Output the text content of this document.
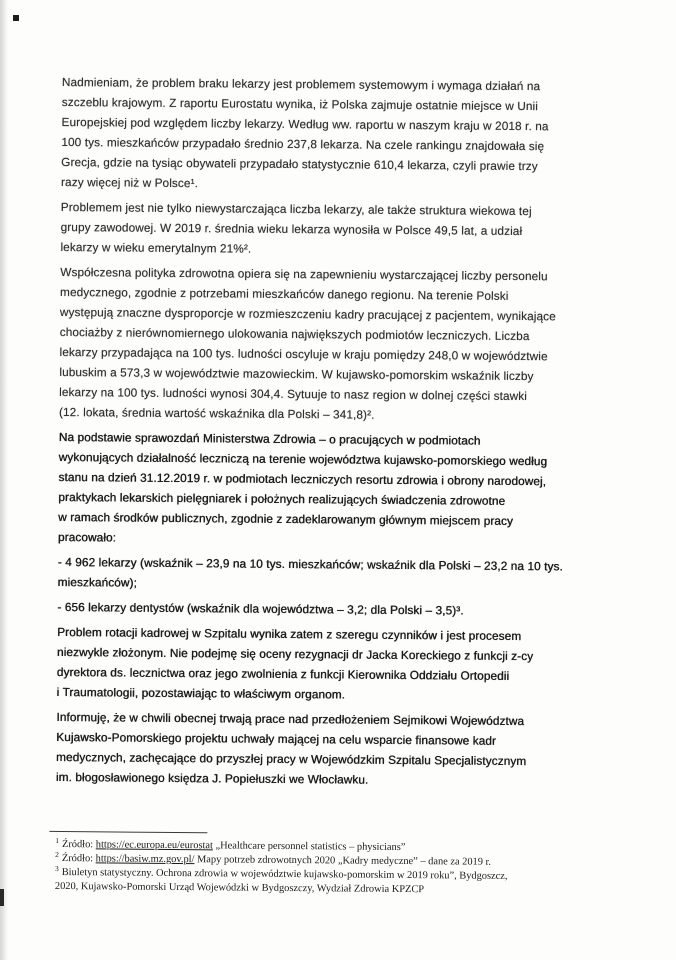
Nadmieniam, że problem braku lekarzy jest problemem systemowym i wymaga działań na
szczeblu krajowym. Z raportu Eurostatu wynika, iż Polska zajmuje ostatnie miejsce w Unii
Europejskiej pod względem liczby lekarzy. Według ww. raportu w naszym kraju w 2018 r. na
100 tys. mieszkańców przypadało średnio 237,8 lekarza. Na czele rankingu znajdowała się
Grecja, gdzie na tysiąc obywateli przypadało statystycznie 610,4 lekarza, czyli prawie trzy
razy więcej niż w Polsce¹.

Problemem jest nie tylko niewystarczająca liczba lekarzy, ale także struktura wiekowa tej
grupy zawodowej. W 2019 r. średnia wieku lekarza wynosiła w Polsce 49,5 lat, a udział
lekarzy w wieku emerytalnym 21%².

Współczesna polityka zdrowotna opiera się na zapewnieniu wystarczającej liczby personelu
medycznego, zgodnie z potrzebami mieszkańców danego regionu. Na terenie Polski
występują znaczne dysproporcje w rozmieszczeniu kadry pracującej z pacjentem, wynikające
chociażby z nierównomiernego ulokowania największych podmiotów leczniczych. Liczba
lekarzy przypadająca na 100 tys. ludności oscyluje w kraju pomiędzy 248,0 w województwie
lubuskim a 573,3 w województwie mazowieckim. W kujawsko-pomorskim wskaźnik liczby
lekarzy na 100 tys. ludności wynosi 304,4. Sytuuje to nasz region w dolnej części stawki
(12. lokata, średnia wartość wskaźnika dla Polski – 341,8)².

Na podstawie sprawozdań Ministerstwa Zdrowia – o pracujących w podmiotach
wykonujących działalność leczniczą na terenie województwa kujawsko-pomorskiego według
stanu na dzień 31.12.2019 r. w podmiotach leczniczych resortu zdrowia i obrony narodowej,
praktykach lekarskich pielęgniarek i położnych realizujących świadczenia zdrowotne
w ramach środków publicznych, zgodnie z zadeklarowanym głównym miejscem pracy
pracowało:

- 4 962 lekarzy (wskaźnik – 23,9 na 10 tys. mieszkańców; wskaźnik dla Polski – 23,2 na 10 tys.
mieszkańców);

- 656 lekarzy dentystów (wskaźnik dla województwa – 3,2; dla Polski – 3,5)³.

Problem rotacji kadrowej w Szpitalu wynika zatem z szeregu czynników i jest procesem
niezwykle złożonym. Nie podejmę się oceny rezygnacji dr Jacka Koreckiego z funkcji z-cy
dyrektora ds. lecznictwa oraz jego zwolnienia z funkcji Kierownika Oddziału Ortopedii
i Traumatologii, pozostawiając to właściwym organom.

Informuję, że w chwili obecnej trwają prace nad przedłożeniem Sejmikowi Województwa
Kujawsko-Pomorskiego projektu uchwały mającej na celu wsparcie finansowe kadr
medycznych, zachęcające do przyszłej pracy w Wojewódzkim Szpitalu Specjalistycznym
im. błogosławionego księdza J. Popiełuszki we Włocławku.

$^1$ Źródło: https://ec.europa.eu/eurostat „Healthcare personnel statistics – physicians”
$^2$ Źródło: https://basiw.mz.gov.pl/ Mapy potrzeb zdrowotnych 2020 „Kadry medyczne” – dane za 2019 r.
$^3$ Biuletyn statystyczny. Ochrona zdrowia w województwie kujawsko-pomorskim w 2019 roku”, Bydgoszcz,
2020, Kujawsko-Pomorski Urząd Wojewódzki w Bydgoszczy, Wydział Zdrowia KPZCP
